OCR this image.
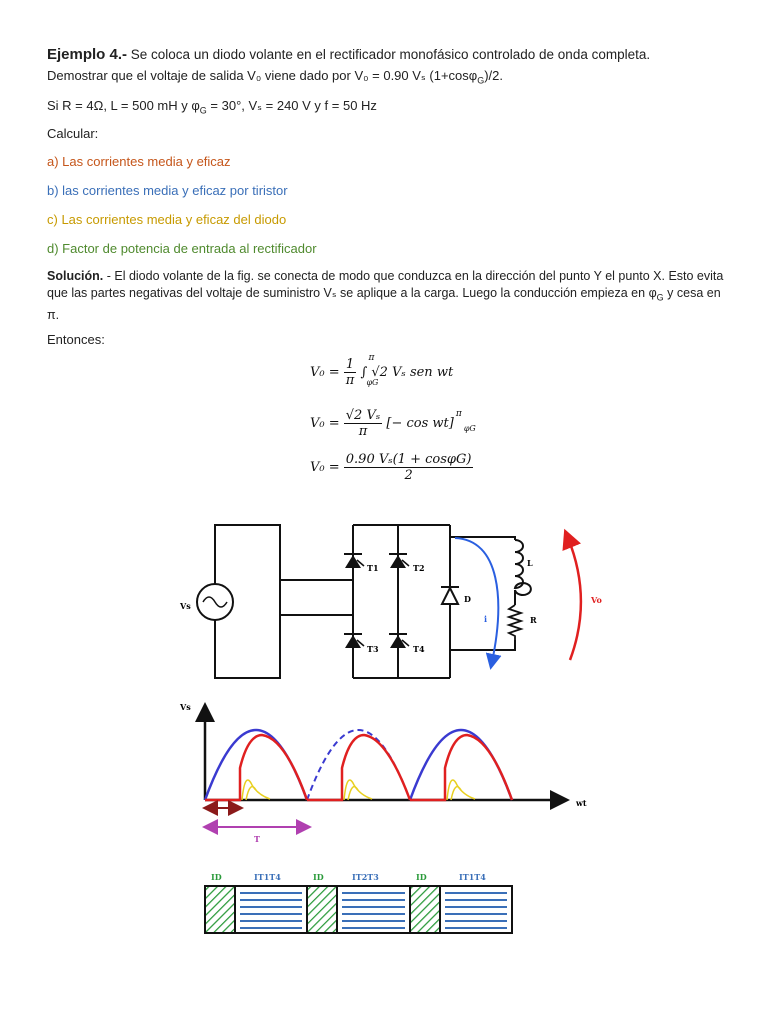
Ejemplo 4.- Se coloca un diodo volante en el rectificador monofásico controlado de onda completa.
Demostrar que el voltaje de salida V₀ viene dado por V₀ = 0.90 Vₛ (1+cosφ$_G$)/2.
Si R = 4Ω, L = 500 mH y $\varphi_G = 30^\circ$, Vₛ = 240 V y f = 50 Hz
Calcular:
a) Las corrientes media y eficaz
b) las corrientes media y eficaz por tiristor
c) Las corrientes media y eficaz del diodo
d) Factor de potencia de entrada al rectificador
Solución. - El diodo volante de la fig. se conecta de modo que conduzca en la dirección del punto Y el punto X. Esto evita que las partes negativas del voltaje de suministro Vₛ se aplique a la carga. Luego la conducción empieza en $\varphi_G$ y cesa en π.
Entonces:
$V_0 = \frac{1}{\pi}$ ∫ √2 Vₛ sen wt
π
φG
$V_0 = \frac{\text{√2 Vₛ}}{\pi}$ [− cos wt]
π
φG
$V_0 = \frac{\text{0.90 Vₛ(1 + cosφG)}}{2}$
Vs
T1	T2
T3	T4
D
i
L
R
Vo
Vs
wt
T
ID	IT1T4	ID	IT2T3	ID	IT1T4
